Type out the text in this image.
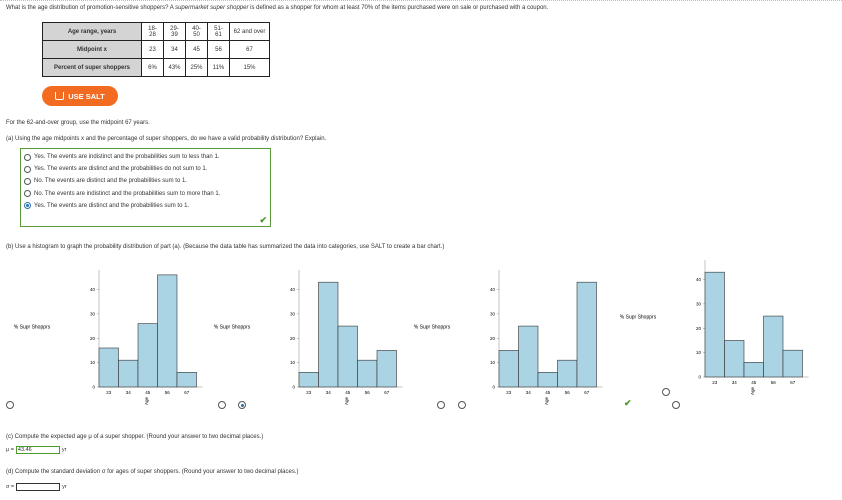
What is the age distribution of promotion-sensitive shoppers? A supermarket super shopper is defined as a shopper for whom at least 70% of the items purchased were on sale or purchased with a coupon.
Age range, years	18-28	29-39	40-50	51-61	62 and over
Midpoint x	23	34	45	56	67
Percent of super shoppers	6%	43%	25%	11%	15%
USE SALT
For the 62-and-over group, use the midpoint 67 years.
(a) Using the age midpoints x and the percentage of super shoppers, do we have a valid probability distribution? Explain.
Yes. The events are indistinct and the probabilities sum to less than 1.
Yes. The events are distinct and the probabilities do not sum to 1.
No. The events are distinct and the probabilities sum to 1.
No. The events are indistinct and the probabilities sum to more than 1.
Yes. The events are distinct and the probabilities sum to 1.
✔
(b) Use a histogram to graph the probability distribution of part (a). (Because the data table has summarized the data into categories, use SALT to create a bar chart.)
0
10
20
30
40
% Supr Shopprs
23	34	45	56	67
Age
0
10
20
30
40
% Supr Shopprs
23	34	45	56	67
Age
0
10
20
30
40
% Supr Shopprs
23	34	45	56	67
Age
0
10
20
30
40
% Supr Shopprs
23	34	45	56	67
Age

✔
(c) Compute the expected age μ of a super shopper. (Round your answer to two decimal places.)
μ = 43.46	yr
(d) Compute the standard deviation σ for ages of super shoppers. (Round your answer to two decimal places.)
σ =	yr
